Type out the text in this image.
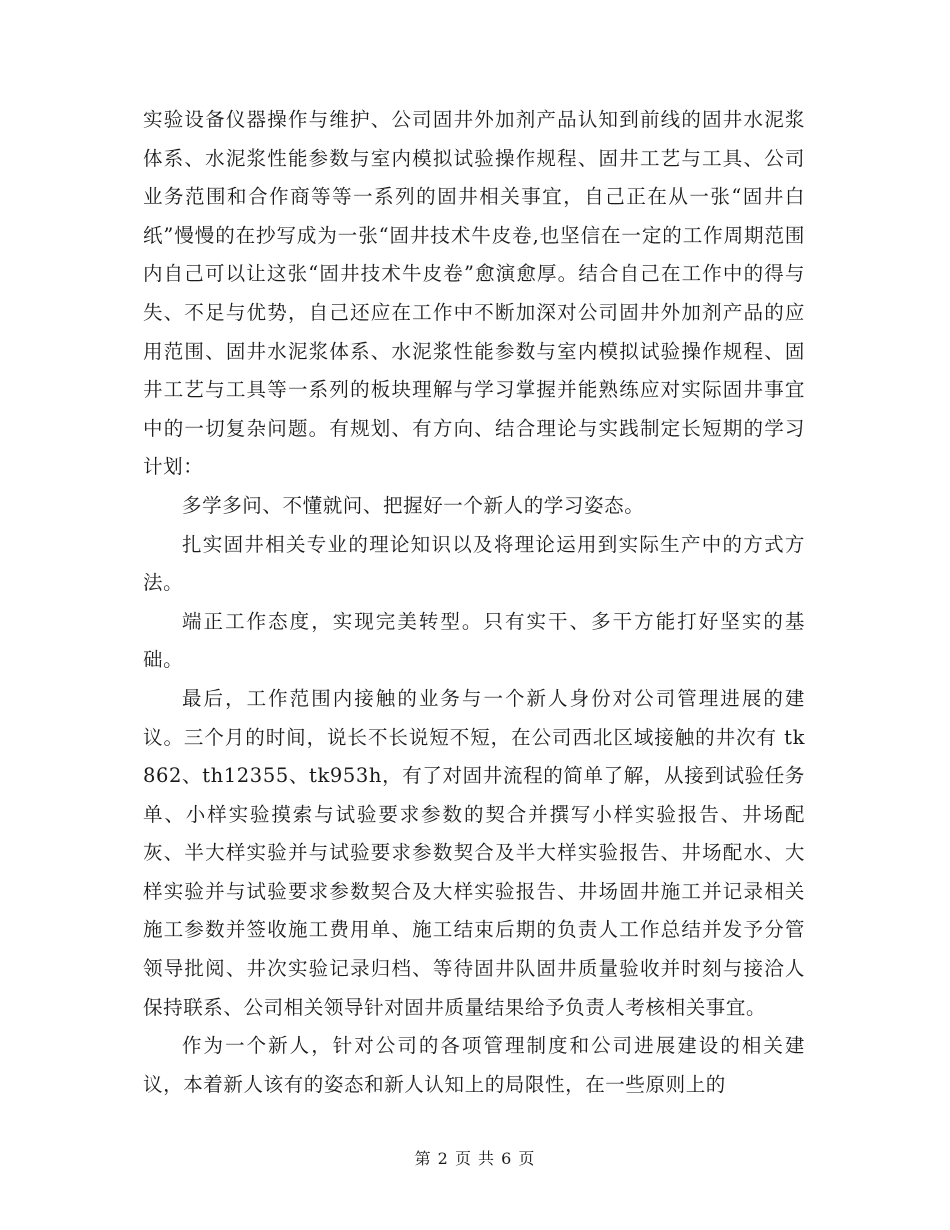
实验设备仪器操作与维护、公司固井外加剂产品认知到前线的固井水泥浆体系、水泥浆性能参数与室内模拟试验操作规程、固井工艺与工具、公司业务范围和合作商等等一系列的固井相关事宜，自己正在从一张“固井白纸”慢慢的在抄写成为一张“固井技术牛皮卷,也坚信在一定的工作周期范围内自己可以让这张“固井技术牛皮卷”愈演愈厚。结合自己在工作中的得与失、不足与优势，自己还应在工作中不断加深对公司固井外加剂产品的应用范围、固井水泥浆体系、水泥浆性能参数与室内模拟试验操作规程、固井工艺与工具等一系列的板块理解与学习掌握并能熟练应对实际固井事宜中的一切复杂问题。有规划、有方向、结合理论与实践制定长短期的学习计划：

多学多问、不懂就问、把握好一个新人的学习姿态。

扎实固井相关专业的理论知识以及将理论运用到实际生产中的方式方法。

端正工作态度，实现完美转型。只有实干、多干方能打好坚实的基础。

最后，工作范围内接触的业务与一个新人身份对公司管理进展的建议。三个月的时间，说长不长说短不短，在公司西北区域接触的井次有 tk862、th12355、tk953h，有了对固井流程的简单了解，从接到试验任务单、小样实验摸索与试验要求参数的契合并撰写小样实验报告、井场配灰、半大样实验并与试验要求参数契合及半大样实验报告、井场配水、大样实验并与试验要求参数契合及大样实验报告、井场固井施工并记录相关施工参数并签收施工费用单、施工结束后期的负责人工作总结并发予分管领导批阅、井次实验记录归档、等待固井队固井质量验收并时刻与接洽人保持联系、公司相关领导针对固井质量结果给予负责人考核相关事宜。

作为一个新人，针对公司的各项管理制度和公司进展建设的相关建议，本着新人该有的姿态和新人认知上的局限性，在一些原则上的

第 2 页 共 6 页
